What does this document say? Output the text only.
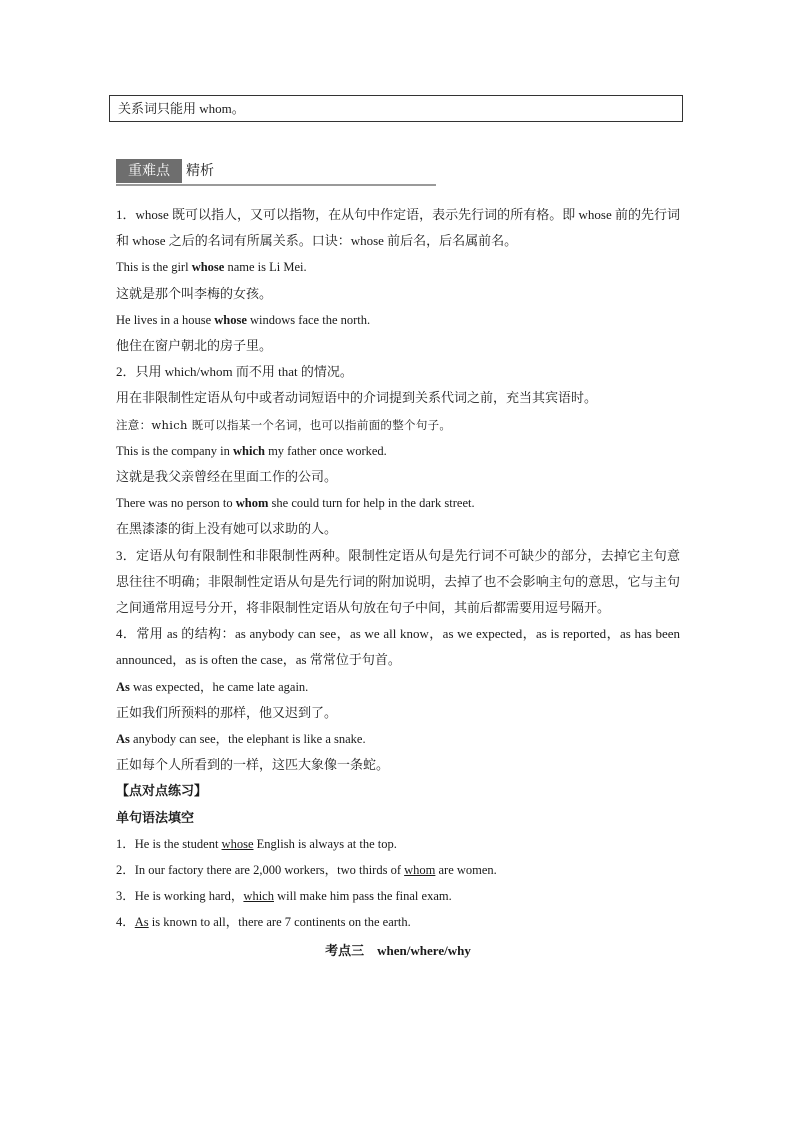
关系词只能用 whom。
重难点	精析

1．whose 既可以指人，又可以指物，在从句中作定语，表示先行词的所有格。即 whose 前的先行词和 whose 之后的名词有所属关系。口诀：whose 前后名，后名属前名。

This is the girl whose name is Li Mei.

这就是那个叫李梅的女孩。

He lives in a house whose windows face the north.

他住在窗户朝北的房子里。

2．只用 which/whom 而不用 that 的情况。

用在非限制性定语从句中或者动词短语中的介词提到关系代词之前，充当其宾语时。

注意：which 既可以指某一个名词，也可以指前面的整个句子。

This is the company in which my father once worked.

这就是我父亲曾经在里面工作的公司。

There was no person to whom she could turn for help in the dark street.

在黑漆漆的街上没有她可以求助的人。

3．定语从句有限制性和非限制性两种。限制性定语从句是先行词不可缺少的部分，去掉它主句意思往往不明确；非限制性定语从句是先行词的附加说明，去掉了也不会影响主句的意思，它与主句之间通常用逗号分开，将非限制性定语从句放在句子中间，其前后都需要用逗号隔开。

4．常用 as 的结构：as anybody can see，as we all know，as we expected，as is reported，as has been announced，as is often the case，as 常常位于句首。

As was expected，he came late again.

正如我们所预料的那样，他又迟到了。

As anybody can see，the elephant is like a snake.

正如每个人所看到的一样，这匹大象像一条蛇。

【点对点练习】

单句语法填空

1．He is the student whose English is always at the top.

2．In our factory there are 2,000 workers，two thirds of whom are women.

3．He is working hard，which will make him pass the final exam.

4．As is known to all，there are 7 continents on the earth.

考点三　when/where/why
